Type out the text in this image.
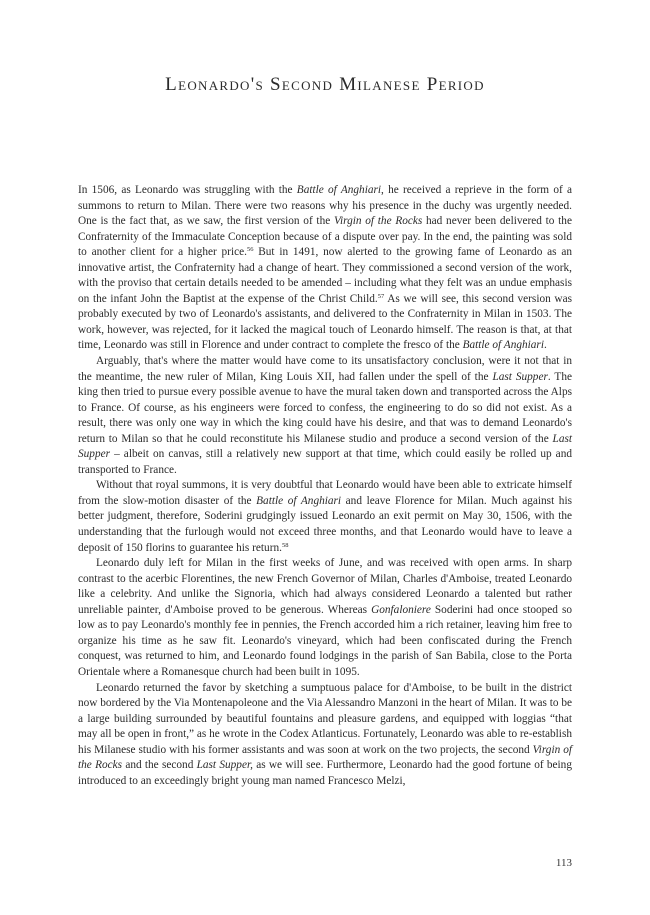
Leonardo's Second Milanese Period

In 1506, as Leonardo was struggling with the Battle of Anghiari, he received a reprieve in the form of a summons to return to Milan. There were two reasons why his presence in the duchy was urgently needed. One is the fact that, as we saw, the first version of the Virgin of the Rocks had never been delivered to the Confraternity of the Immaculate Conception because of a dispute over pay. In the end, the painting was sold to another client for a higher price.$^{56}$ But in 1491, now alerted to the growing fame of Leonardo as an innovative artist, the Confraternity had a change of heart. They commissioned a second version of the work, with the proviso that certain details needed to be amended – including what they felt was an undue emphasis on the infant John the Baptist at the expense of the Christ Child.$^{57}$ As we will see, this second version was probably executed by two of Leonardo's assistants, and delivered to the Confraternity in Milan in 1503. The work, however, was rejected, for it lacked the magical touch of Leonardo himself. The reason is that, at that time, Leonardo was still in Florence and under contract to complete the fresco of the Battle of Anghiari.

Arguably, that's where the matter would have come to its unsatisfactory conclusion, were it not that in the meantime, the new ruler of Milan, King Louis XII, had fallen under the spell of the Last Supper. The king then tried to pursue every possible avenue to have the mural taken down and transported across the Alps to France. Of course, as his engineers were forced to confess, the engineering to do so did not exist. As a result, there was only one way in which the king could have his desire, and that was to demand Leonardo's return to Milan so that he could reconstitute his Milanese studio and produce a second version of the Last Supper – albeit on canvas, still a relatively new support at that time, which could easily be rolled up and transported to France.

Without that royal summons, it is very doubtful that Leonardo would have been able to extricate himself from the slow-motion disaster of the Battle of Anghiari and leave Florence for Milan. Much against his better judgment, therefore, Soderini grudgingly issued Leonardo an exit permit on May 30, 1506, with the understanding that the furlough would not exceed three months, and that Leonardo would have to leave a deposit of 150 florins to guarantee his return.$^{58}$

Leonardo duly left for Milan in the first weeks of June, and was received with open arms. In sharp contrast to the acerbic Florentines, the new French Governor of Milan, Charles d'Amboise, treated Leonardo like a celebrity. And unlike the Signoria, which had always considered Leonardo a talented but rather unreliable painter, d'Amboise proved to be generous. Whereas Gonfaloniere Soderini had once stooped so low as to pay Leonardo's monthly fee in pennies, the French accorded him a rich retainer, leaving him free to organize his time as he saw fit. Leonardo's vineyard, which had been confiscated during the French conquest, was returned to him, and Leonardo found lodgings in the parish of San Babila, close to the Porta Orientale where a Romanesque church had been built in 1095.

Leonardo returned the favor by sketching a sumptuous palace for d'Amboise, to be built in the district now bordered by the Via Montenapoleone and the Via Alessandro Manzoni in the heart of Milan. It was to be a large building surrounded by beautiful fountains and pleasure gardens, and equipped with loggias “that may all be open in front,” as he wrote in the Codex Atlanticus. Fortunately, Leonardo was able to re-establish his Milanese studio with his former assistants and was soon at work on the two projects, the second Virgin of the Rocks and the second Last Supper, as we will see. Furthermore, Leonardo had the good fortune of being introduced to an exceedingly bright young man named Francesco Melzi,

113
